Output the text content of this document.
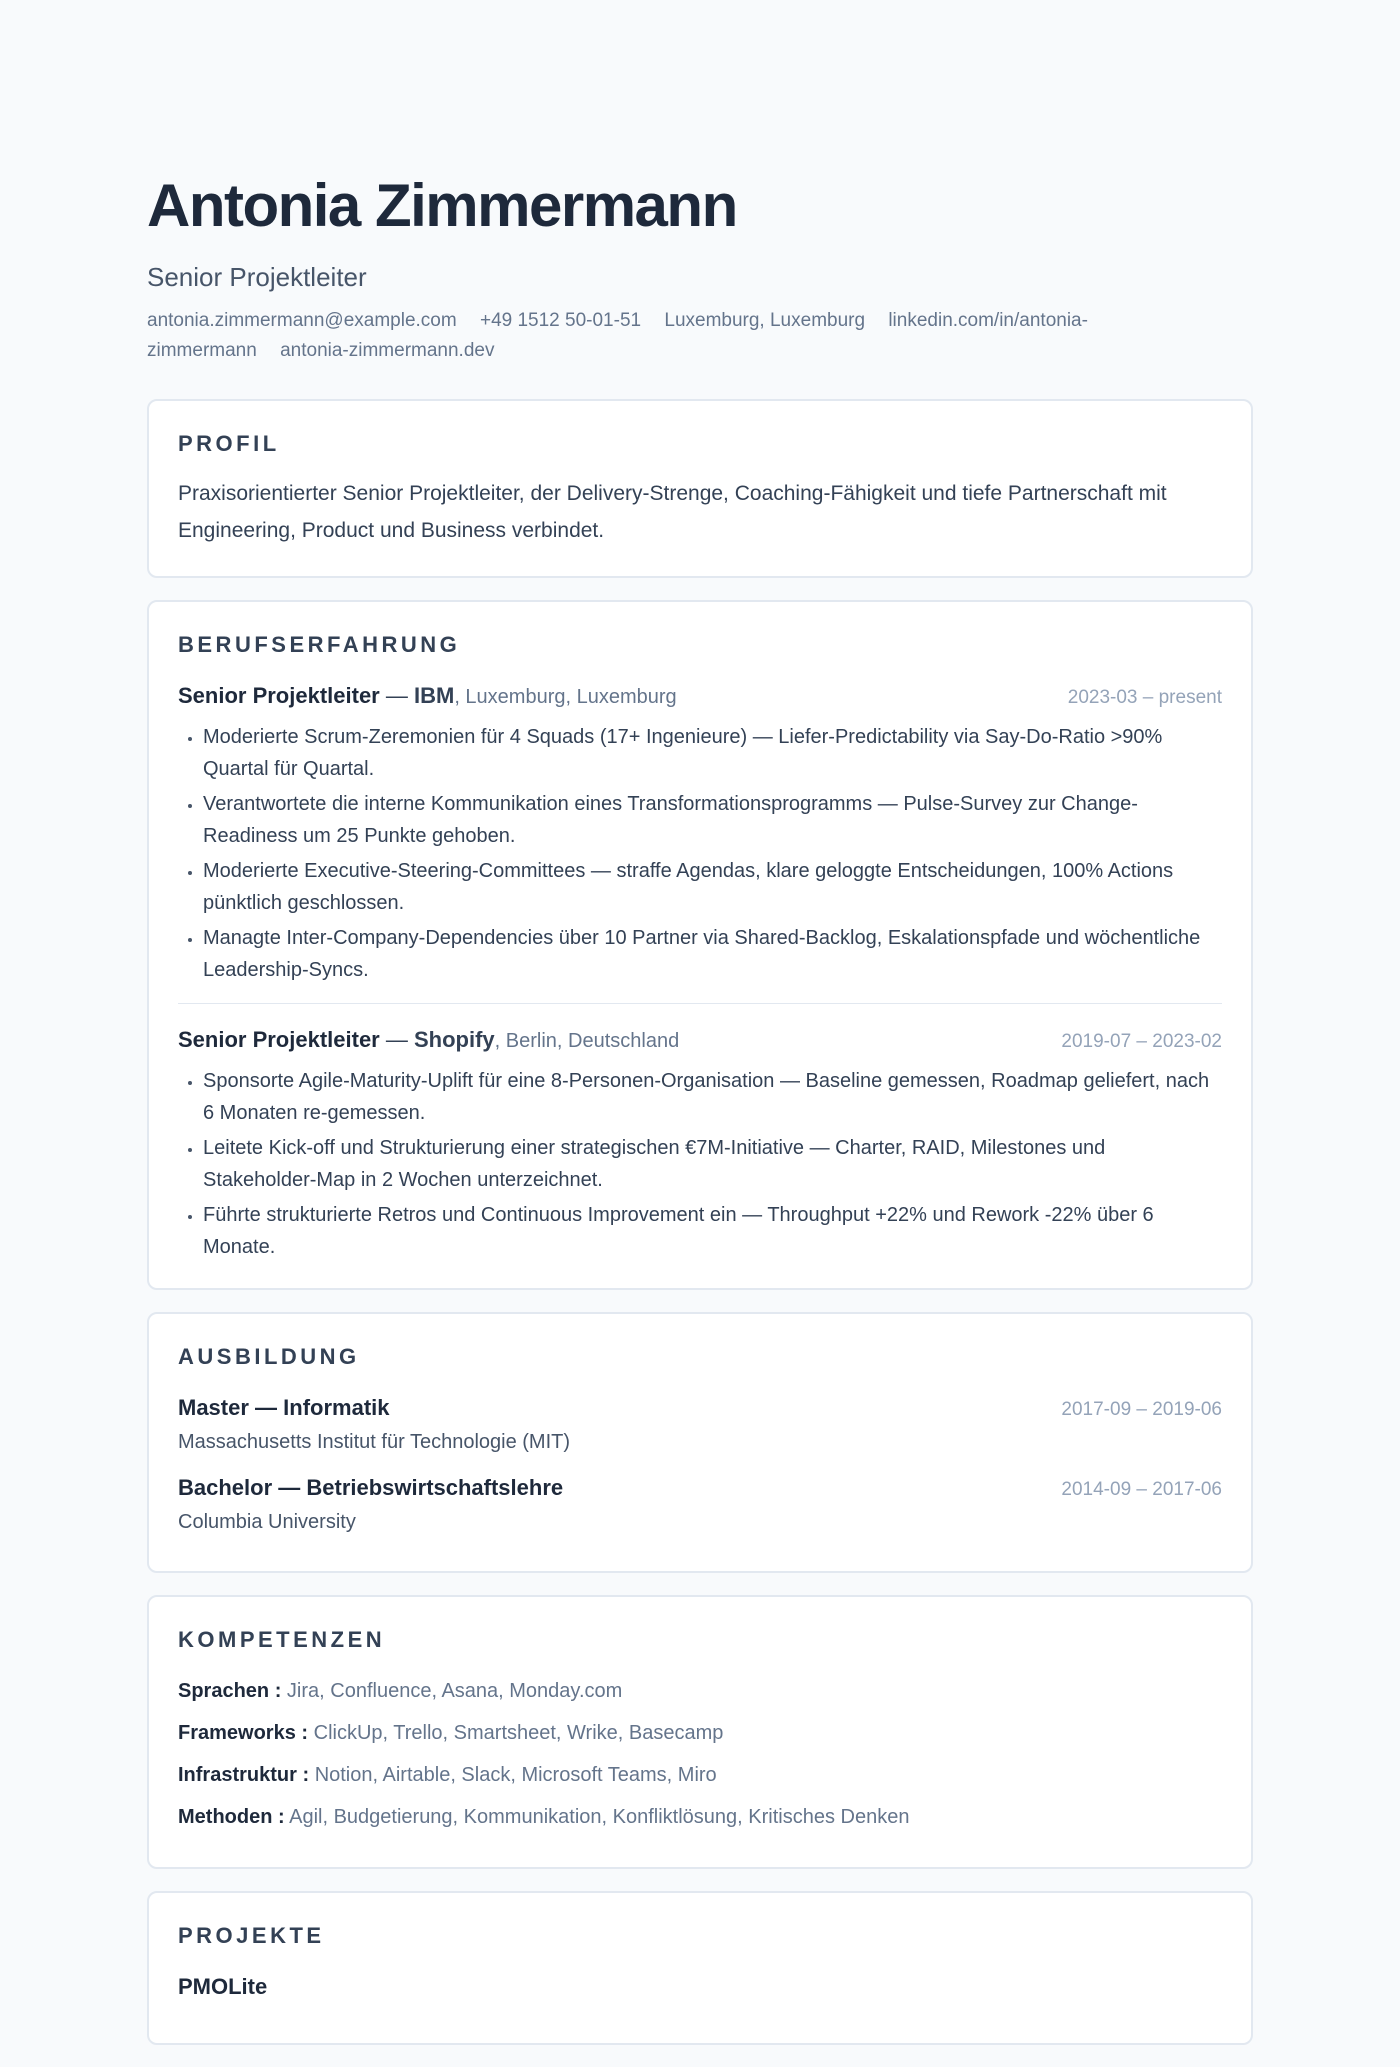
Antonia Zimmermann
Senior Projektleiter
antonia.zimmermann@example.com +49 1512 50-01-51 Luxemburg, Luxemburg linkedin.com/in/antonia-zimmermann antonia-zimmermann.dev
PROFIL
Praxisorientierter Senior Projektleiter, der Delivery-Strenge, Coaching-Fähigkeit und tiefe Partnerschaft mit Engineering, Product und Business verbindet.
BERUFSERFAHRUNG
Senior Projektleiter — IBM, Luxemburg, Luxemburg	2023-03 – present
• Moderierte Scrum-Zeremonien für 4 Squads (17+ Ingenieure) — Liefer-Predictability via Say-Do-Ratio >90% Quartal für Quartal.
• Verantwortete die interne Kommunikation eines Transformationsprogramms — Pulse-Survey zur Change-Readiness um 25 Punkte gehoben.
• Moderierte Executive-Steering-Committees — straffe Agendas, klare geloggte Entscheidungen, 100% Actions pünktlich geschlossen.
• Managte Inter-Company-Dependencies über 10 Partner via Shared-Backlog, Eskalationspfade und wöchentliche Leadership-Syncs.
Senior Projektleiter — Shopify, Berlin, Deutschland	2019-07 – 2023-02
• Sponsorte Agile-Maturity-Uplift für eine 8-Personen-Organisation — Baseline gemessen, Roadmap geliefert, nach 6 Monaten re-gemessen.
• Leitete Kick-off und Strukturierung einer strategischen €7M-Initiative — Charter, RAID, Milestones und Stakeholder-Map in 2 Wochen unterzeichnet.
• Führte strukturierte Retros und Continuous Improvement ein — Throughput +22% und Rework -22% über 6 Monate.
AUSBILDUNG
Master — Informatik	2017-09 – 2019-06
Massachusetts Institut für Technologie (MIT)
Bachelor — Betriebswirtschaftslehre	2014-09 – 2017-06
Columbia University
KOMPETENZEN
Sprachen : Jira, Confluence, Asana, Monday.com
Frameworks : ClickUp, Trello, Smartsheet, Wrike, Basecamp
Infrastruktur : Notion, Airtable, Slack, Microsoft Teams, Miro
Methoden : Agil, Budgetierung, Kommunikation, Konfliktlösung, Kritisches Denken
PROJEKTE
PMOLite
